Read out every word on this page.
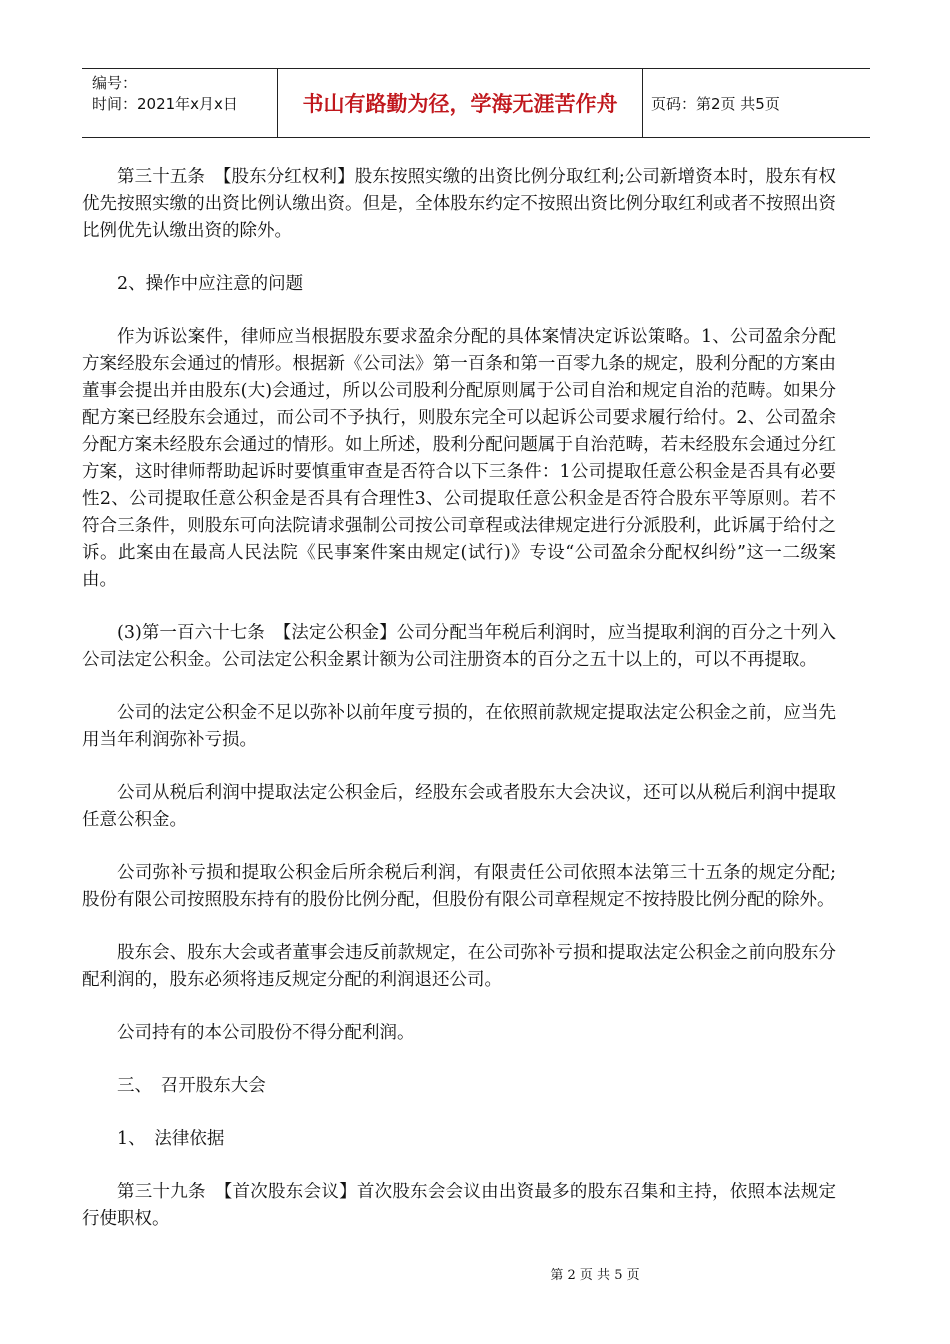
编号：
时间：2021年x月x日	书山有路勤为径，学海无涯苦作舟	页码：第2页 共5页

第三十五条　【股东分红权利】股东按照实缴的出资比例分取红利;公司新增资本时，股东有权优先按照实缴的出资比例认缴出资。但是，全体股东约定不按照出资比例分取红利或者不按照出资比例优先认缴出资的除外。

2、操作中应注意的问题

作为诉讼案件，律师应当根据股东要求盈余分配的具体案情决定诉讼策略。1、公司盈余分配方案经股东会通过的情形。根据新《公司法》第一百条和第一百零九条的规定，股利分配的方案由董事会提出并由股东(大)会通过，所以公司股利分配原则属于公司自治和规定自治的范畴。如果分配方案已经股东会通过，而公司不予执行，则股东完全可以起诉公司要求履行给付。2、公司盈余分配方案未经股东会通过的情形。如上所述，股利分配问题属于自治范畴，若未经股东会通过分红方案，这时律师帮助起诉时要慎重审查是否符合以下三条件：1公司提取任意公积金是否具有必要性2、公司提取任意公积金是否具有合理性3、公司提取任意公积金是否符合股东平等原则。若不符合三条件，则股东可向法院请求强制公司按公司章程或法律规定进行分派股利，此诉属于给付之诉。此案由在最高人民法院《民事案件案由规定(试行)》专设“公司盈余分配权纠纷”这一二级案由。

(3)第一百六十七条　【法定公积金】公司分配当年税后利润时，应当提取利润的百分之十列入公司法定公积金。公司法定公积金累计额为公司注册资本的百分之五十以上的，可以不再提取。

公司的法定公积金不足以弥补以前年度亏损的，在依照前款规定提取法定公积金之前，应当先用当年利润弥补亏损。

公司从税后利润中提取法定公积金后，经股东会或者股东大会决议，还可以从税后利润中提取任意公积金。

公司弥补亏损和提取公积金后所余税后利润，有限责任公司依照本法第三十五条的规定分配;股份有限公司按照股东持有的股份比例分配，但股份有限公司章程规定不按持股比例分配的除外。

股东会、股东大会或者董事会违反前款规定，在公司弥补亏损和提取法定公积金之前向股东分配利润的，股东必须将违反规定分配的利润退还公司。

公司持有的本公司股份不得分配利润。

三、　召开股东大会

1、　法律依据

第三十九条　【首次股东会议】首次股东会会议由出资最多的股东召集和主持，依照本法规定行使职权。

第 2 页 共 5 页
